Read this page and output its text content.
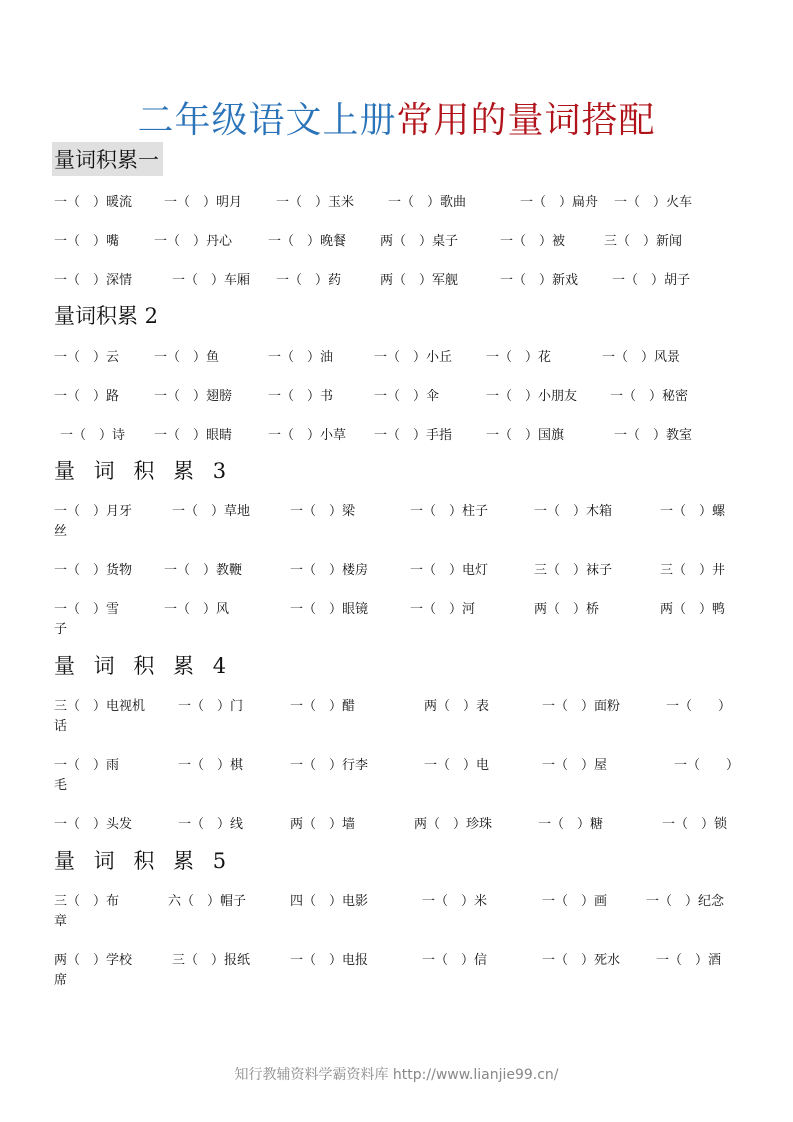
二年级语文上册常用的量词搭配
量词积累一
一（　）暖流 一（　）明月	一（　）玉米	一（　）歌曲	一（　）扁舟 一（　）火车
一（　）嘴	一（　）丹心	一（　）晚餐	两（　）桌子	一（　）被	三（　）新闻
一（　）深情	一（　）车厢 一（　）药	两（　）军舰	一（　）新戏	一（　）胡子
量词积累 2
一（　）云	一（　）鱼	一（　）油	一（　）小丘	一（　）花	一（　）风景
一（　）路	一（　）翅膀	一（　）书	一（　）伞	一（　）小朋友	一（　）秘密
一（　）诗 一（　）眼睛	一（　）小草 一（　）手指	一（　）国旗	一（　）教室
量 词 积 累 3
一（　）月牙	一（　）草地	一（　）梁	一（　）柱子	一（　）木箱	一（　）螺
丝
一（　）货物 一（　）教鞭	一（　）楼房	一（　）电灯	三（　）袜子	三（　）井
一（　）雪	一（　）风	一（　）眼镜	一（　）河	两（　）桥	两（　）鸭
子
量 词 积 累 4
三（　）电视机	一（　）门	一（　）醋	两（　）表	一（　）面粉	一（　　）
话
一（　）雨	一（　）棋	一（　）行李	一（　）电	一（　）屋	一（　　）
毛
一（　）头发	一（　）线	两（　）墙	两（　）珍珠	一（　）糖	一（　）锁
量 词 积 累 5
三（　）布	六（　）帽子	四（　）电影	一（　）米	一（　）画	一（　）纪念
章
两（　）学校	三（　）报纸	一（　）电报	一（　）信	一（　）死水	一（　）酒
席
知行教辅资料学霸资料库 http://www.lianjie99.cn/
